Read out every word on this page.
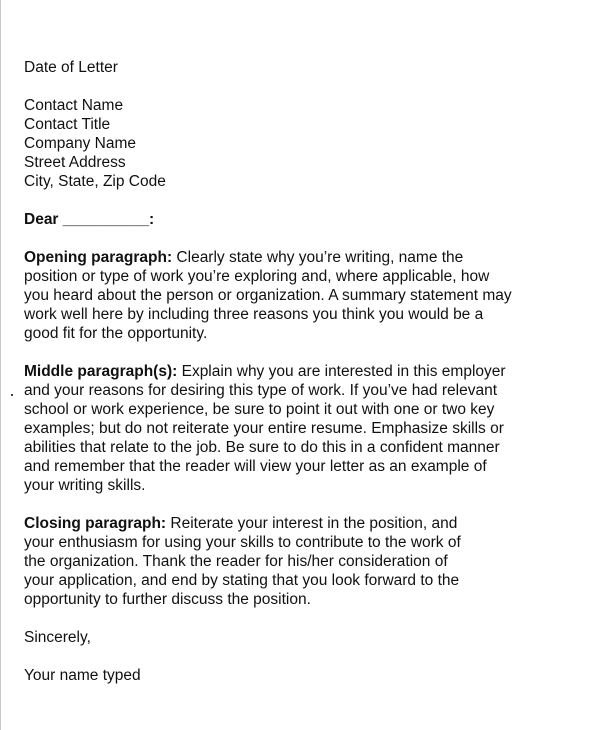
Date of Letter

Contact Name

Contact Title

Company Name

Street Address

City, State, Zip Code

Dear __________:

Opening paragraph: Clearly state why you’re writing, name the

position or type of work you’re exploring and, where applicable, how

you heard about the person or organization. A summary statement may

work well here by including three reasons you think you would be a

good fit for the opportunity.

Middle paragraph(s): Explain why you are interested in this employer

and your reasons for desiring this type of work. If you’ve had relevant

school or work experience, be sure to point it out with one or two key

examples; but do not reiterate your entire resume. Emphasize skills or

abilities that relate to the job. Be sure to do this in a confident manner

and remember that the reader will view your letter as an example of

your writing skills.

Closing paragraph: Reiterate your interest in the position, and

your enthusiasm for using your skills to contribute to the work of

the organization. Thank the reader for his/her consideration of

your application, and end by stating that you look forward to the

opportunity to further discuss the position.

Sincerely,

Your name typed
